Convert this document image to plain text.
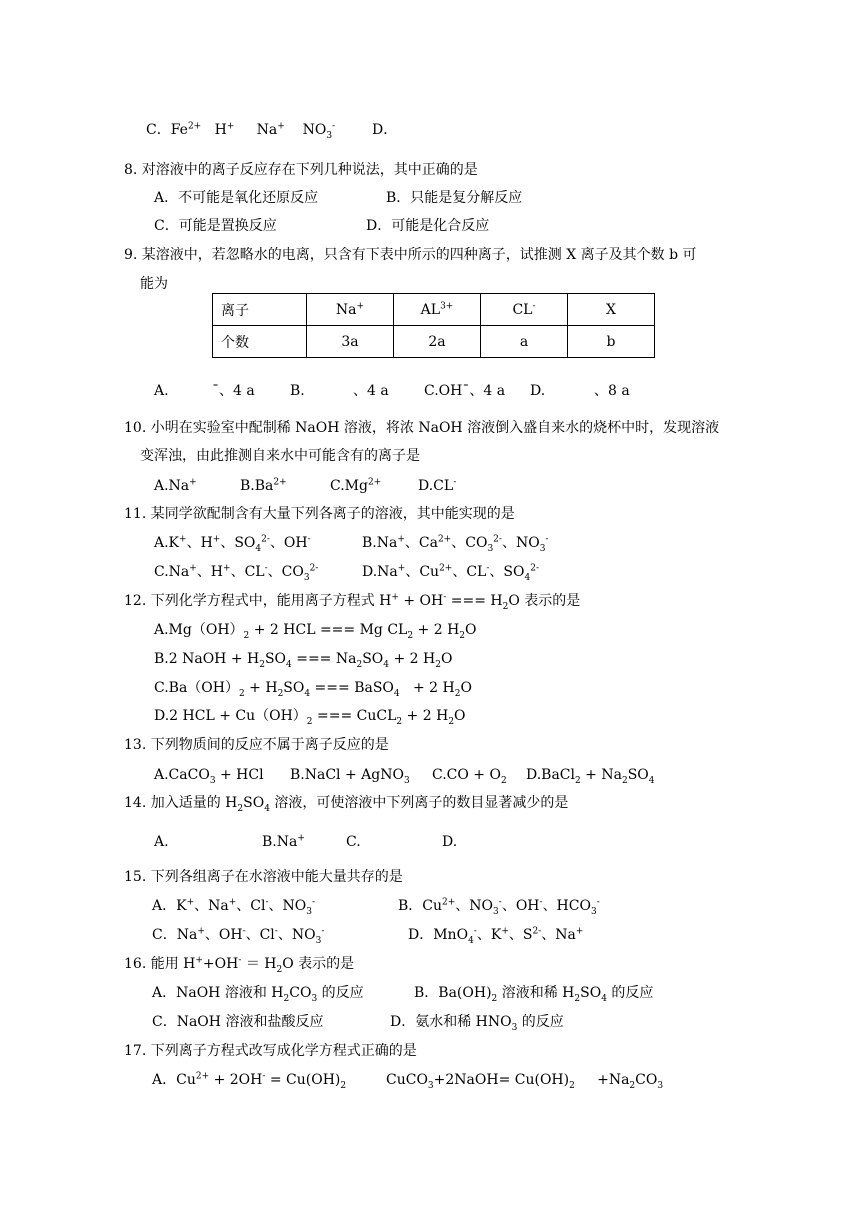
C．$Fe^{2+}$ H+ Na+ $NO_3^-$	D．
8. 对溶液中的离子反应存在下列几种说法，其中正确的是
A．不可能是氧化还原反应	B．只能是复分解反应
C．可能是置换反应	D．可能是化合反应
9. 某溶液中，若忽略水的电离，只含有下表中所示的四种离子，试推测 X 离子及其个数 b 可
能为
离子	Na+	$AL^{3+}$	CL-	X
个数	3a	2a	a	b
A.	ˉ、4 a	B.	、4 a	C.OHˉ、4 a D.	、8 a
10. 小明在实验室中配制稀 NaOH 溶液，将浓 NaOH 溶液倒入盛自来水的烧杯中时，发现溶液
变浑浊，由此推测自来水中可能含有的离子是
A.Na+	$B.Ba^{2+}$	$C.Mg^{2+}$	D.CL-
11. 某同学欲配制含有大量下列各离子的溶液，其中能实现的是
A.K+、H+、$SO_4^{2-}$、OH-	B.Na+、$Ca^{2+}$、$CO_3^{2-}$、$NO_3^-$
C.Na+、H+、CL-、$CO_3^{2-}$	D.Na+、$Cu^{2+}$、CL-、$SO_4^{2-}$
12. 下列化学方程式中，能用离子方程式 H+ + OH- === $H_2O$ 表示的是
$A.Mg(OH)_2 + 2$ HCL === Mg $CL_2 + 2$ $H_2O$
B.2 NaOH + $H_2SO_4$ === $Na_2SO_4 + 2$ $H_2O$
$C.Ba(OH)_2 + H_2SO_4$ === BaSO$_4$   + 2 $H_2O$
D.2 HCL + $Cu(OH)_2$ === CuCL$_2$ + 2 $H_2O$
13. 下列物质间的反应不属于离子反应的是
A.CaCO$_3$ + HCl B.NaCl + AgNO$_3$ $C.CO + O_2$ D.BaCl$_2$ + $Na_2SO_4$
14. 加入适量的 $H_2SO_4$ 溶液，可使溶液中下列离子的数目显著减少的是
A.	B.Na+	C.	D.
15. 下列各组离子在水溶液中能大量共存的是
A．K+、Na+、Cl-、$NO_3^-$	B．$Cu^{2+}$、$NO_3^-$、OH-、$HCO_3^-$
C．Na+、OH-、Cl-、$NO_3^-$	D．MnO$_4$-、K+、$S^{2-}$、Na+
16. 能用 $H^++OH^- = H_2O$ 表示的是
A．NaOH 溶液和 $H_2CO_3$ 的反应	B．$Ba(OH)_2$ 溶液和稀 $H_2SO_4$ 的反应
C．NaOH 溶液和盐酸反应	D．氨水和稀 $HNO_3$ 的反应
17. 下列离子方程式改写成化学方程式正确的是
A．$Cu^{2+} + 2OH^- = Cu(OH)_2$	CuCO$_3$+2NaOH= $Cu(OH)_2$     $+Na_2CO_3$
